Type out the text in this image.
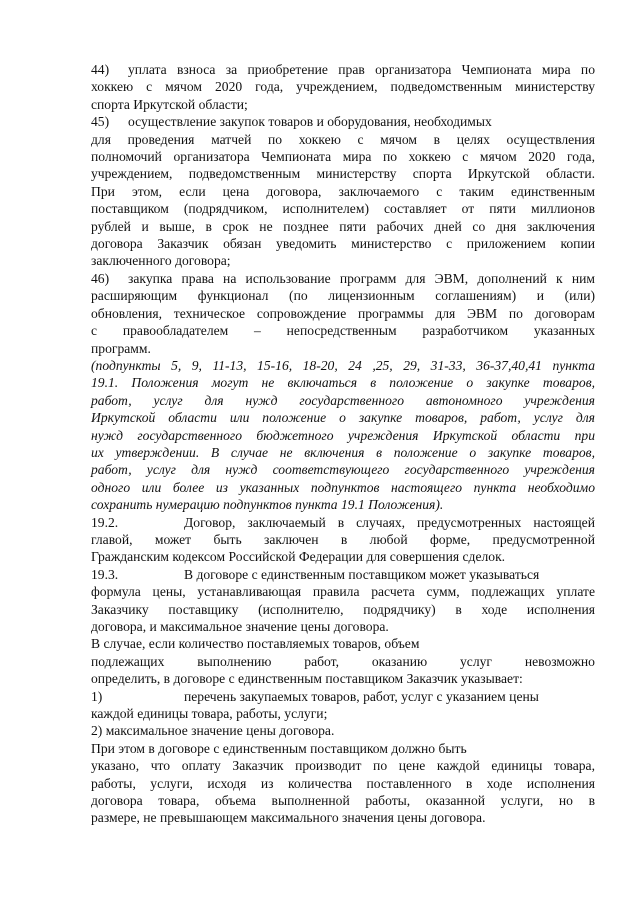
44) уплата взноса за приобретение прав организатора Чемпионата мира по

хоккею с мячом 2020 года, учреждением, подведомственным министерству

спорта Иркутской области;

45) осуществление закупок товаров и оборудования, необходимых

для проведения матчей по хоккею с мячом в целях осуществления

полномочий организатора Чемпионата мира по хоккею с мячом 2020 года,

учреждением, подведомственным министерству спорта Иркутской области.

При этом, если цена договора, заключаемого с таким единственным

поставщиком (подрядчиком, исполнителем) составляет от пяти миллионов

рублей и выше, в срок не позднее пяти рабочих дней со дня заключения

договора Заказчик обязан уведомить министерство с приложением копии

заключенного договора;

46) закупка права на использование программ для ЭВМ, дополнений к ним

расширяющим функционал (по лицензионным соглашениям) и (или)

обновления, техническое сопровождение программы для ЭВМ по договорам

с правообладателем – непосредственным разработчиком указанных

программ.

(подпункты 5, 9, 11-13, 15-16, 18-20, 24 ,25, 29, 31-33, 36-37,40,41 пункта

19.1. Положения могут не включаться в положение о закупке товаров,

работ, услуг для нужд государственного автономного учреждения

Иркутской области или положение о закупке товаров, работ, услуг для

нужд государственного бюджетного учреждения Иркутской области при

их утверждении. В случае не включения в положение о закупке товаров,

работ, услуг для нужд соответствующего государственного учреждения

одного или более из указанных подпунктов настоящего пункта необходимо

сохранить нумерацию подпунктов пункта 19.1 Положения).

19.2.	Договор, заключаемый в случаях, предусмотренных настоящей

главой, может быть заключен в любой форме, предусмотренной

Гражданским кодексом Российской Федерации для совершения сделок.

19.3.	В договоре с единственным поставщиком может указываться

формула цены, устанавливающая правила расчета сумм, подлежащих уплате

Заказчику поставщику (исполнителю, подрядчику) в ходе исполнения

договора, и максимальное значение цены договора.

В случае, если количество поставляемых товаров, объем

подлежащих выполнению работ, оказанию услуг невозможно

определить, в договоре с единственным поставщиком Заказчик указывает:

1)	перечень закупаемых товаров, работ, услуг с указанием цены

каждой единицы товара, работы, услуги;

2) максимальное значение цены договора.

При этом в договоре с единственным поставщиком должно быть

указано, что оплату Заказчик производит по цене каждой единицы товара,

работы, услуги, исходя из количества поставленного в ходе исполнения

договора товара, объема выполненной работы, оказанной услуги, но в

размере, не превышающем максимального значения цены договора.
